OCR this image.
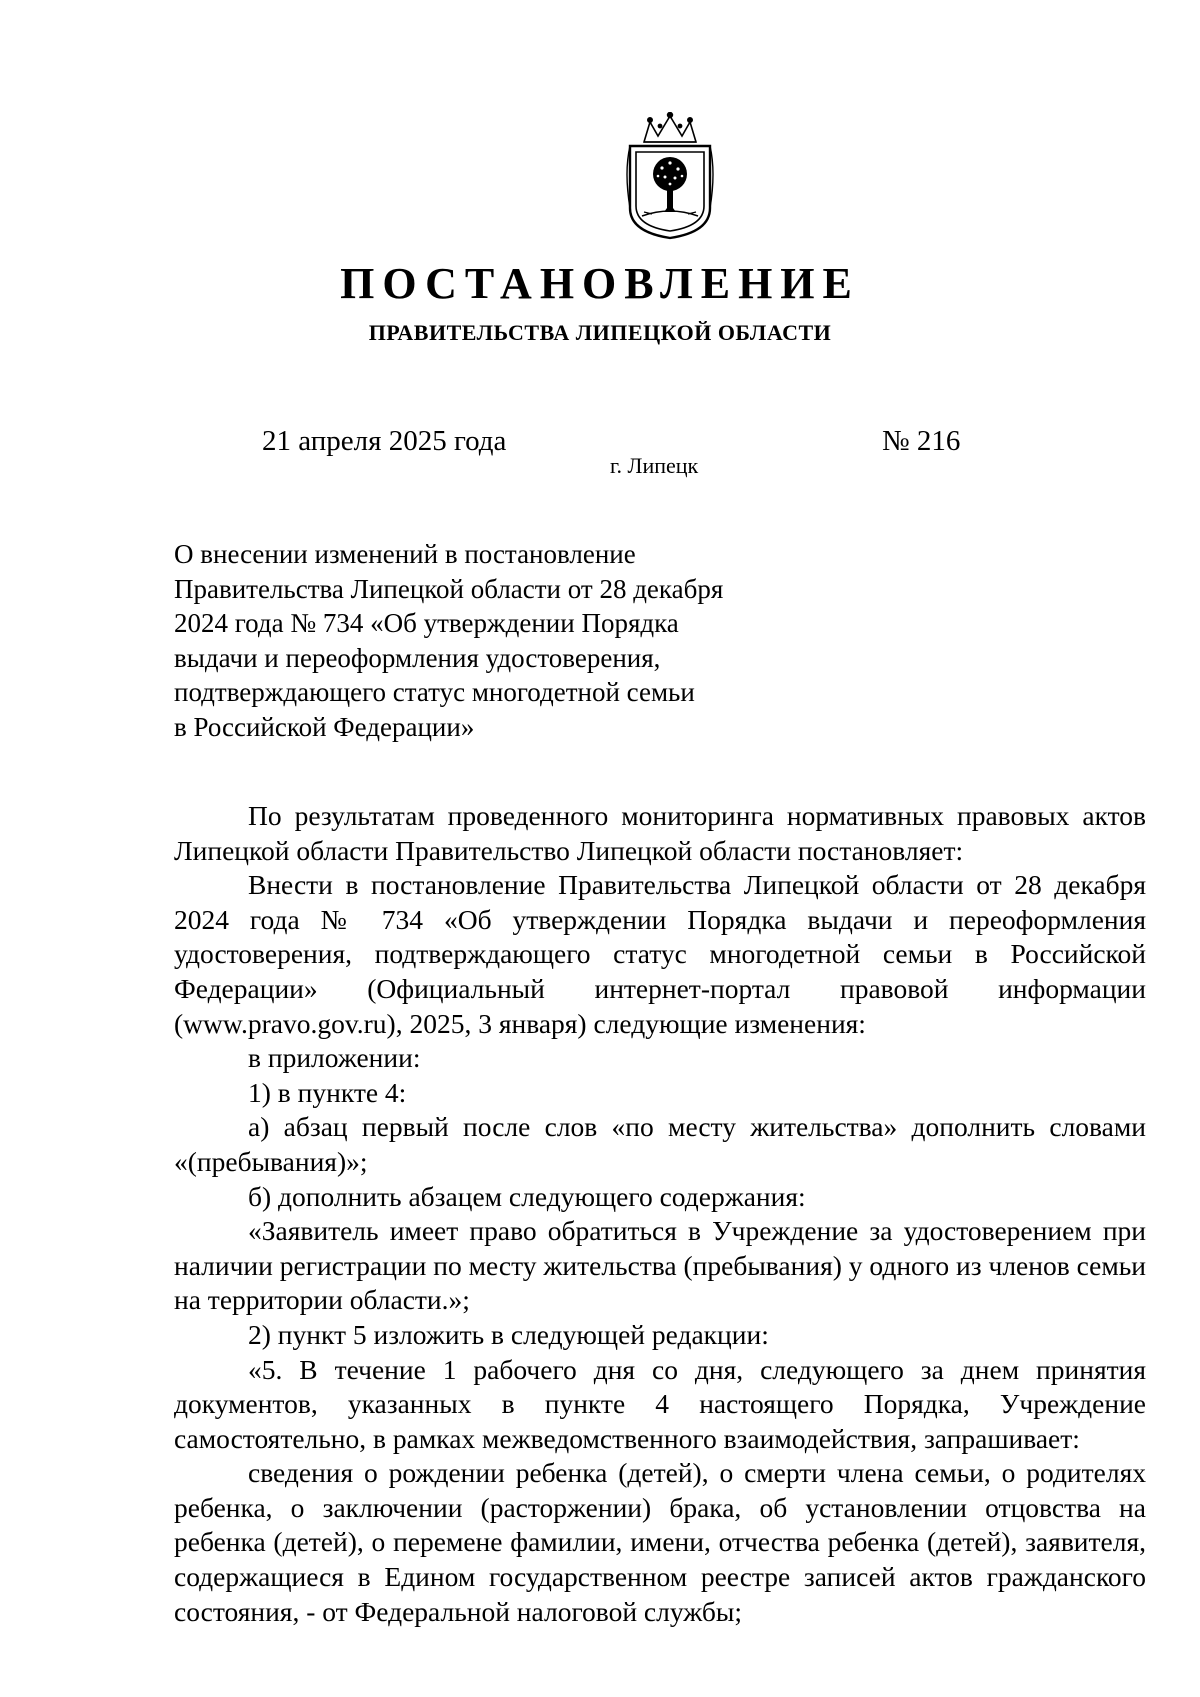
ПОСТАНОВЛЕНИЕ
ПРАВИТЕЛЬСТВА ЛИПЕЦКОЙ ОБЛАСТИ
21 апреля 2025 года
г. Липецк
№ 216
О внесении изменений в постановление
Правительства Липецкой области от 28 декабря
2024 года № 734 «Об утверждении Порядка
выдачи и переоформления удостоверения,
подтверждающего статус многодетной семьи
в Российской Федерации»

По результатам проведенного мониторинга нормативных правовых актов Липецкой области Правительство Липецкой области постановляет:

Внести в постановление Правительства Липецкой области от 28 декабря 2024 года № 734 «Об утверждении Порядка выдачи и переоформления удостоверения, подтверждающего статус многодетной семьи в Российской Федерации» (Официальный интернет-портал правовой информации (www.pravo.gov.ru), 2025, 3 января) следующие изменения:

в приложении:

1) в пункте 4:

а) абзац первый после слов «по месту жительства» дополнить словами «(пребывания)»;

б) дополнить абзацем следующего содержания:

«Заявитель имеет право обратиться в Учреждение за удостоверением при наличии регистрации по месту жительства (пребывания) у одного из членов семьи на территории области.»;

2) пункт 5 изложить в следующей редакции:

«5. В течение 1 рабочего дня со дня, следующего за днем принятия документов, указанных в пункте 4 настоящего Порядка, Учреждение самостоятельно, в рамках межведомственного взаимодействия, запрашивает:

сведения о рождении ребенка (детей), о смерти члена семьи, о родителях ребенка, о заключении (расторжении) брака, об установлении отцовства на ребенка (детей), о перемене фамилии, имени, отчества ребенка (детей), заявителя, содержащиеся в Едином государственном реестре записей актов гражданского состояния, - от Федеральной налоговой службы;
